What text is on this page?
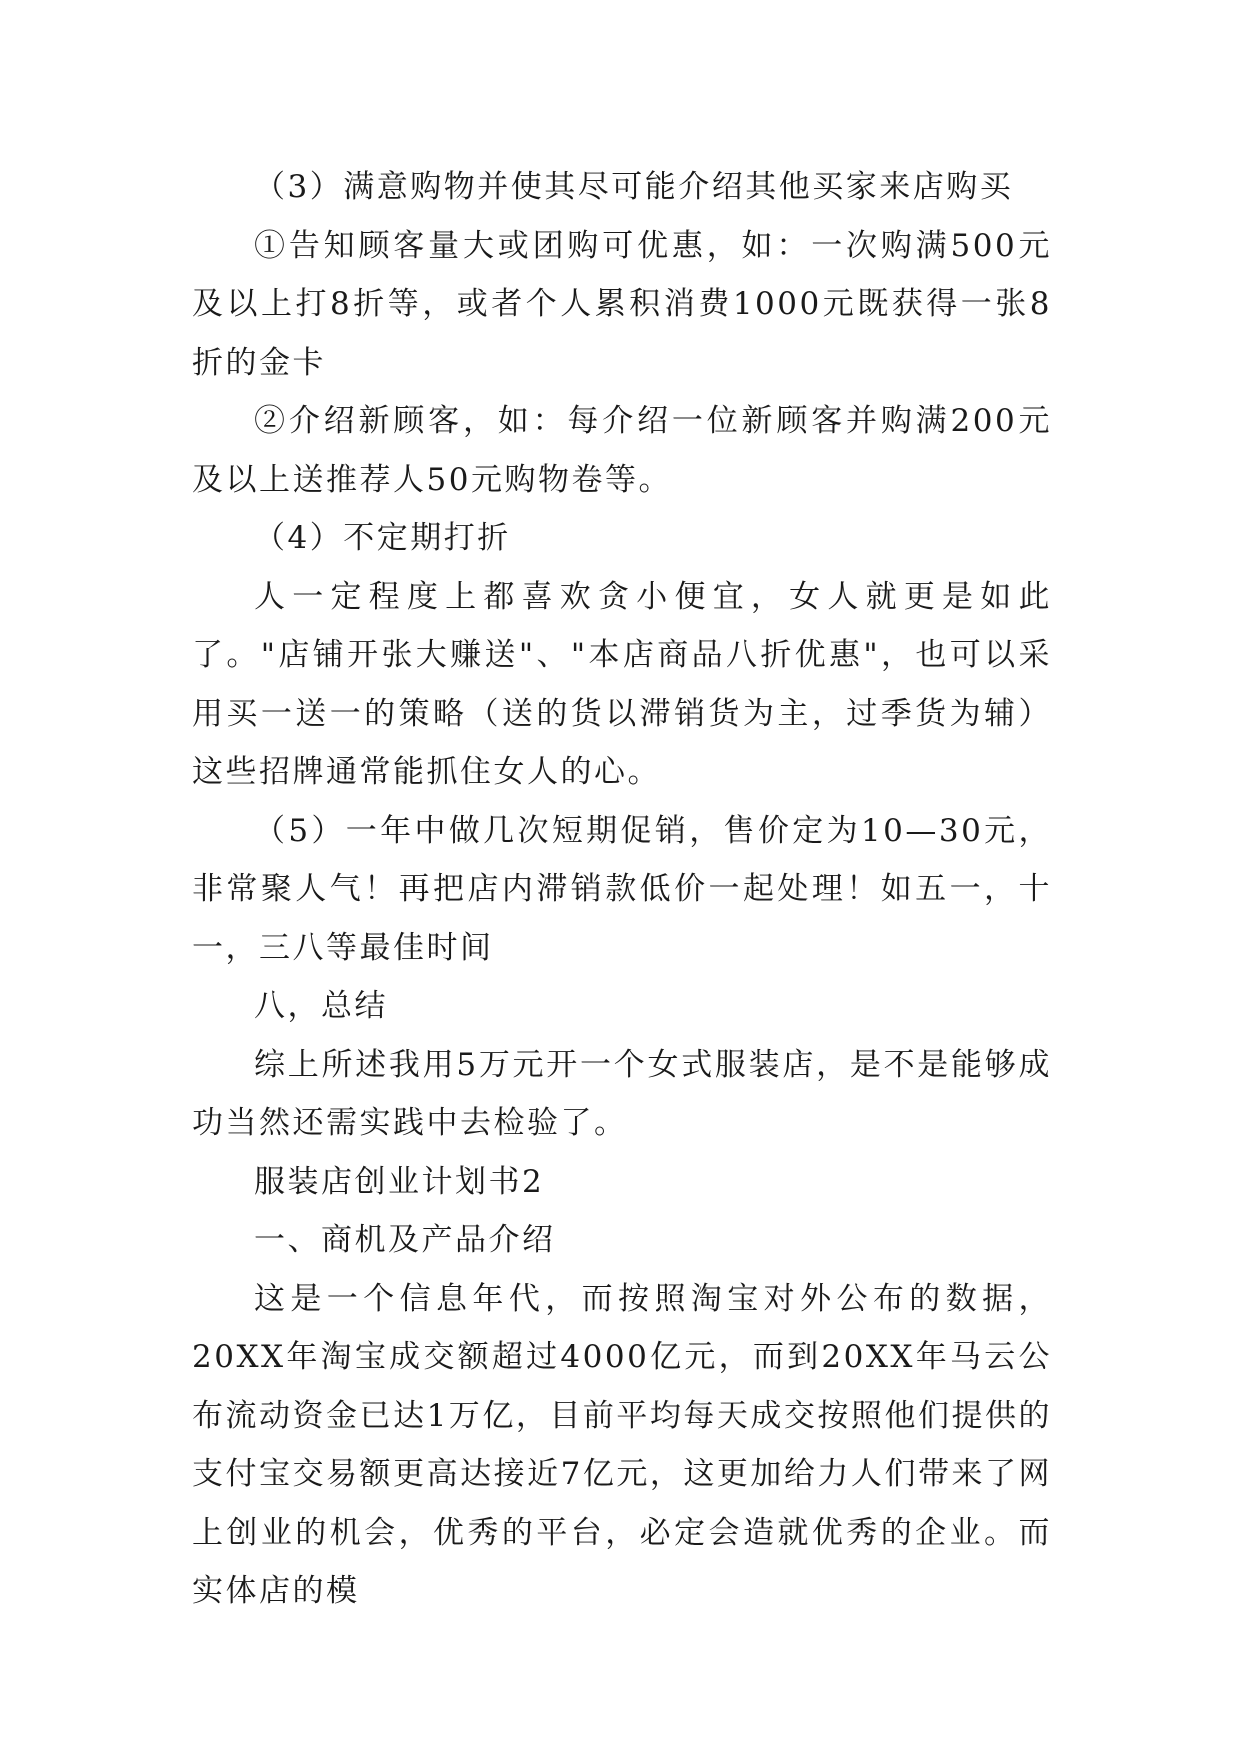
（3）满意购物并使其尽可能介绍其他买家来店购买

①告知顾客量大或团购可优惠，如：一次购满500元及以上打8折等，或者个人累积消费1000元既获得一张8折的金卡

②介绍新顾客，如：每介绍一位新顾客并购满200元及以上送推荐人50元购物卷等。

（4）不定期打折

人一定程度上都喜欢贪小便宜，女人就更是如此了。"店铺开张大赚送"、"本店商品八折优惠"，也可以采用买一送一的策略（送的货以滞销货为主，过季货为辅）这些招牌通常能抓住女人的心。

（5）一年中做几次短期促销，售价定为10—30元，非常聚人气！再把店内滞销款低价一起处理！如五一，十一，三八等最佳时间

八，总结

综上所述我用5万元开一个女式服装店，是不是能够成功当然还需实践中去检验了。

服装店创业计划书2

一、商机及产品介绍

这是一个信息年代，而按照淘宝对外公布的数据，20XX年淘宝成交额超过4000亿元，而到20XX年马云公布流动资金已达1万亿，目前平均每天成交按照他们提供的支付宝交易额更高达接近7亿元，这更加给力人们带来了网上创业的机会，优秀的平台，必定会造就优秀的企业。而实体店的模
